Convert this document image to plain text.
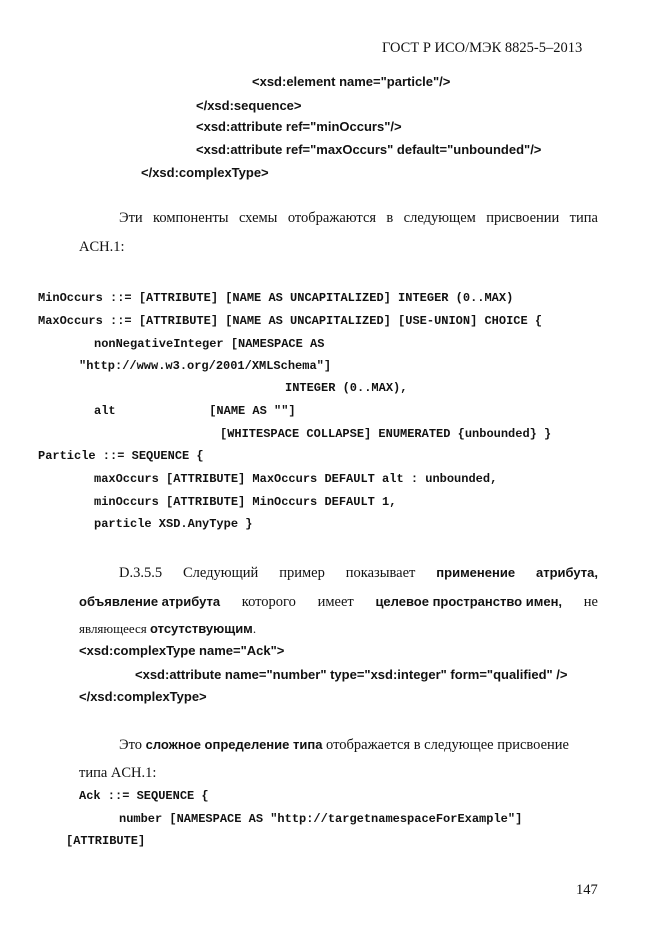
ГОСТ Р ИСО/МЭК 8825-5–2013
<xsd:element name="particle"/>
</xsd:sequence>
<xsd:attribute ref="minOccurs"/>
<xsd:attribute ref="maxOccurs" default="unbounded"/>
</xsd:complexType>
Эти компоненты схемы отображаются в следующем присвоении типа
ACH.1:
MinOccurs ::= [ATTRIBUTE] [NAME AS UNCAPITALIZED] INTEGER (0..MAX)
MaxOccurs ::= [ATTRIBUTE] [NAME AS UNCAPITALIZED] [USE-UNION] CHOICE {
nonNegativeInteger [NAMESPACE AS
"http://www.w3.org/2001/XMLSchema"]
INTEGER (0..MAX),
alt             [NAME AS ""]
[WHITESPACE COLLAPSE] ENUMERATED {unbounded} }
Particle ::= SEQUENCE {
maxOccurs [ATTRIBUTE] MaxOccurs DEFAULT alt : unbounded,
minOccurs [ATTRIBUTE] MinOccurs DEFAULT 1,
particle XSD.AnyType }
D.3.5.5 Следующий пример показывает применение атрибута,
объявление атрибута которого имеет целевое пространство имен, не
являющееся отсутствующим.
<xsd:complexType name="Ack">
<xsd:attribute name="number" type="xsd:integer" form="qualified" />
</xsd:complexType>
Это сложное определение типа отображается в следующее присвоение
типа ACH.1:
Ack ::= SEQUENCE {
number [NAMESPACE AS "http://targetnamespaceForExample"]
[ATTRIBUTE]
147
